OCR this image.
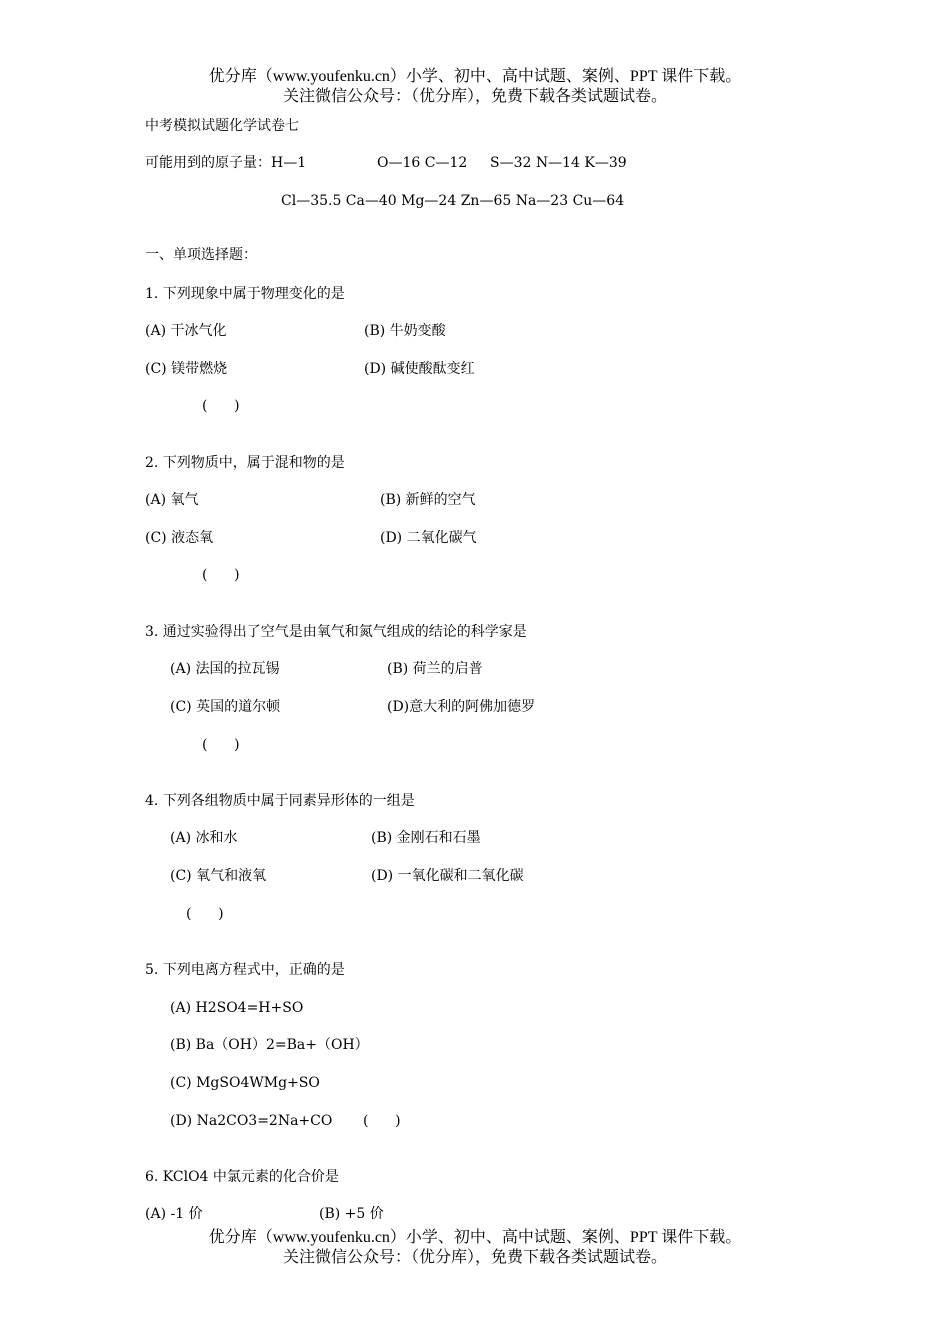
优分库（www.youfenku.cn）小学、初中、高中试题、案例、PPT 课件下载。
关注微信公众号：（优分库），免费下载各类试题试卷。
中考模拟试题化学试卷七
可能用到的原子量：H—1	O—16 C—12 S—32 N—14 K—39
Cl—35.5 Ca—40 Mg—24 Zn—65 Na—23 Cu—64
一、单项选择题：
1. 下列现象中属于物理变化的是
(A) 干冰气化	(B) 牛奶变酸
(C) 镁带燃烧	(D) 碱使酸酞变红
(      )
2. 下列物质中，属于混和物的是
(A) 氧气	(B) 新鲜的空气
(C) 液态氧	(D) 二氧化碳气
(      )
3. 通过实验得出了空气是由氧气和氮气组成的结论的科学家是
(A) 法国的拉瓦锡	(B) 荷兰的启普
(C) 英国的道尔顿	(D)意大利的阿佛加德罗
(      )
4. 下列各组物质中属于同素异形体的一组是
(A) 冰和水	(B) 金刚石和石墨
(C) 氧气和液氧	(D) 一氧化碳和二氧化碳
(      )
5. 下列电离方程式中，正确的是
(A) H2SO4=H+SO
(B) Ba（OH）2=Ba+（OH）
(C) MgSO4WMg+SO
(D) Na2CO3=2Na+CO (      )
6. KClO4 中氯元素的化合价是
(A) -1 价	(B) +5 价
优分库（www.youfenku.cn）小学、初中、高中试题、案例、PPT 课件下载。
关注微信公众号：（优分库），免费下载各类试题试卷。
